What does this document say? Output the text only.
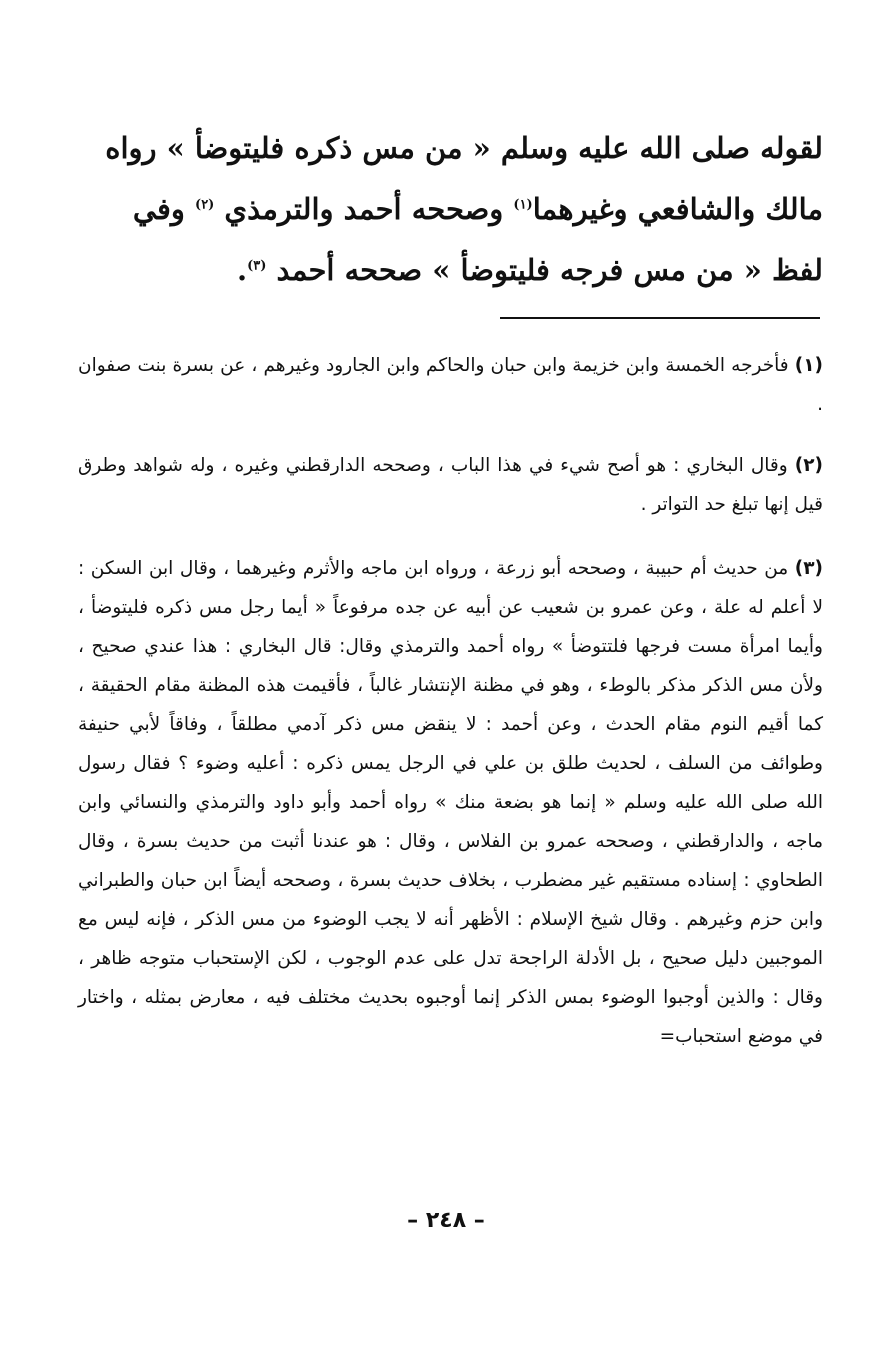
لقوله صلى الله عليه وسلم « من مس ذكره فليتوضأ » رواه

مالك والشافعي وغيرهما$^{(١)}$ وصححه أحمد والترمذي $^{(٢)}$ وفي

لفظ « من مس فرجه فليتوضأ » صححه أحمد $^{(٣)}$.

(١) فأخرجه الخمسة وابن خزيمة وابن حبان والحاكم وابن الجارود وغيرهم ، عن بسرة بنت صفوان .

(٢) وقال البخاري : هو أصح شيء في هذا الباب ، وصححه الدارقطني وغيره ، وله شواهد وطرق قيل إنها تبلغ حد التواتر .

(٣) من حديث أم حبيبة ، وصححه أبو زرعة ، ورواه ابن ماجه والأثرم وغيرهما ، وقال ابن السكن : لا أعلم له علة ، وعن عمرو بن شعيب عن أبيه عن جده مرفوعاً « أيما رجل مس ذكره فليتوضأ ، وأيما امرأة مست فرجها فلتتوضأ » رواه أحمد والترمذي وقال: قال البخاري : هذا عندي صحيح ، ولأن مس الذكر مذكر بالوطء ، وهو في مظنة الإنتشار غالباً ، فأقيمت هذه المظنة مقام الحقيقة ، كما أقيم النوم مقام الحدث ، وعن أحمد : لا ينقض مس ذكر آدمي مطلقاً ، وفاقاً لأبي حنيفة وطوائف من السلف ، لحديث طلق بن علي في الرجل يمس ذكره : أعليه وضوء ؟ فقال رسول الله صلى الله عليه وسلم « إنما هو بضعة منك » رواه أحمد وأبو داود والترمذي والنسائي وابن ماجه ، والدارقطني ، وصححه عمرو بن الفلاس ، وقال : هو عندنا أثبت من حديث بسرة ، وقال الطحاوي : إسناده مستقيم غير مضطرب ، بخلاف حديث بسرة ، وصححه أيضاً ابن حبان والطبراني وابن حزم وغيرهم . وقال شيخ الإسلام : الأظهر أنه لا يجب الوضوء من مس الذكر ، فإنه ليس مع الموجبين دليل صحيح ، بل الأدلة الراجحة تدل على عدم الوجوب ، لكن الإستحباب متوجه ظاهر ، وقال : والذين أوجبوا الوضوء بمس الذكر إنما أوجبوه بحديث مختلف فيه ، معارض بمثله ، واختار في موضع استحباب=

– ٢٤٨ –
